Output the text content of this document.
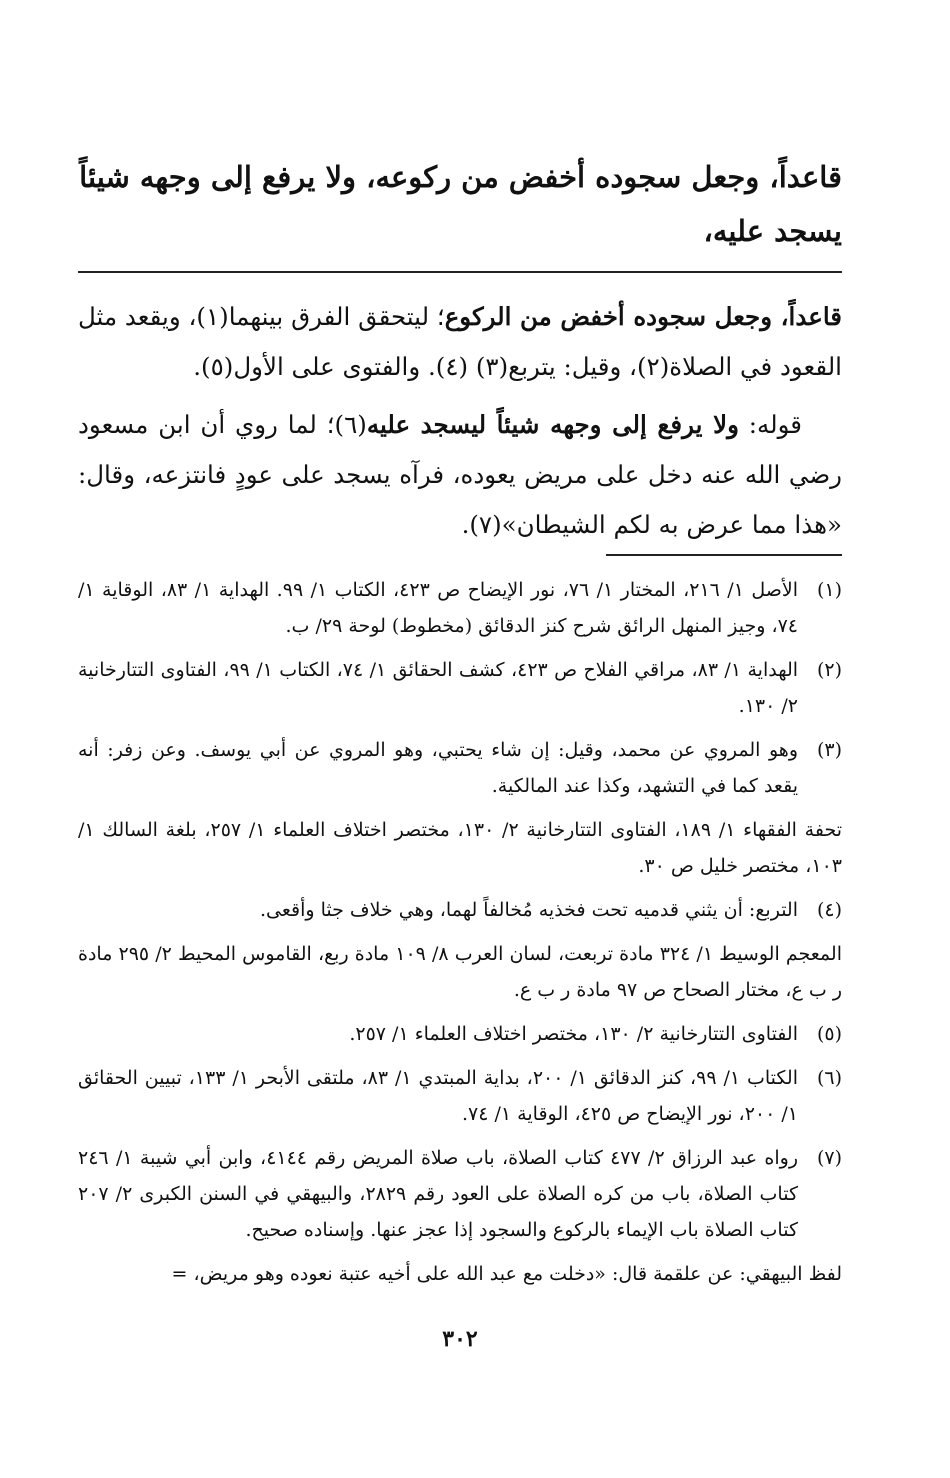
قاعداً، وجعل سجوده أخفض من ركوعه، ولا يرفع إلى وجهه شيئاً

يسجد عليه،

قاعداً، وجعل سجوده أخفض من الركوع؛ ليتحقق الفرق بينهما(١)، ويقعد مثل القعود في الصلاة(٢)، وقيل: يتربع(٣) (٤). والفتوى على الأول(٥).

قوله: ولا يرفع إلى وجهه شيئاً ليسجد عليه(٦)؛ لما روي أن ابن مسعود رضي الله عنه دخل على مريض يعوده، فرآه يسجد على عودٍ فانتزعه، وقال: «هذا مما عرض به لكم الشيطان»(٧).

(١)
الأصل ١/ ٢١٦، المختار ١/ ٧٦، نور الإيضاح ص ٤٢٣، الكتاب ١/ ٩٩. الهداية ١/ ٨٣، الوقاية ١/ ٧٤، وجيز المنهل الرائق شرح كنز الدقائق (مخطوط) لوحة ٢٩/ ب.
(٢)
الهداية ١/ ٨٣، مراقي الفلاح ص ٤٢٣، كشف الحقائق ١/ ٧٤، الكتاب ١/ ٩٩، الفتاوى التتارخانية ٢/ ١٣٠.
(٣)
وهو المروي عن محمد، وقيل: إن شاء يحتبي، وهو المروي عن أبي يوسف. وعن زفر: أنه يقعد كما في التشهد، وكذا عند المالكية.
تحفة الفقهاء ١/ ١٨٩، الفتاوى التتارخانية ٢/ ١٣٠، مختصر اختلاف العلماء ١/ ٢٥٧، بلغة السالك ١/ ١٠٣، مختصر خليل ص ٣٠.
(٤)
التربع: أن يثني قدميه تحت فخذيه مُخالفاً لهما، وهي خلاف جثا وأقعى.
المعجم الوسيط ١/ ٣٢٤ مادة تربعت، لسان العرب ٨/ ١٠٩ مادة ربع، القاموس المحيط ٢/ ٢٩٥ مادة ر ب ع، مختار الصحاح ص ٩٧ مادة ر ب ع.
(٥)
الفتاوى التتارخانية ٢/ ١٣٠، مختصر اختلاف العلماء ١/ ٢٥٧.
(٦)
الكتاب ١/ ٩٩، كنز الدقائق ١/ ٢٠٠، بداية المبتدي ١/ ٨٣، ملتقى الأبحر ١/ ١٣٣، تبيين الحقائق ١/ ٢٠٠، نور الإيضاح ص ٤٢٥، الوقاية ١/ ٧٤.
(٧)
رواه عبد الرزاق ٢/ ٤٧٧ كتاب الصلاة، باب صلاة المريض رقم ٤١٤٤، وابن أبي شيبة ١/ ٢٤٦ كتاب الصلاة، باب من كره الصلاة على العود رقم ٢٨٢٩، والبيهقي في السنن الكبرى ٢/ ٢٠٧ كتاب الصلاة باب الإيماء بالركوع والسجود إذا عجز عنها. وإسناده صحيح.
لفظ البيهقي: عن علقمة قال: «دخلت مع عبد الله على أخيه عتبة نعوده وهو مريض، =
٣٠٢
